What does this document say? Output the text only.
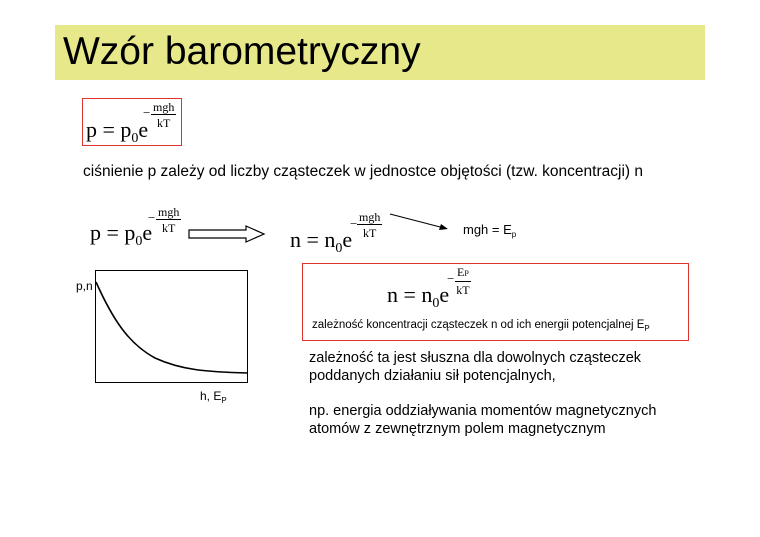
Wzór barometryczny
$p = p_0e$
− mgh
kT
ciśnienie p zależy od liczby cząsteczek w jednostce objętości (tzw. koncentracji) n
$p = p_0e$
− mgh
kT	$n = n_0e$
− mgh
kT	mgh = $E_p$
p,n
h, $E_P$
$n = n_0e$
− $\frac{EP}{kT}$
zależność koncentracji cząsteczek n od ich energii potencjalnej $E_P$
zależność ta jest słuszna dla dowolnych cząsteczek
poddanych działaniu sił potencjalnych,
np. energia oddziaływania momentów magnetycznych
atomów z zewnętrznym polem magnetycznym
